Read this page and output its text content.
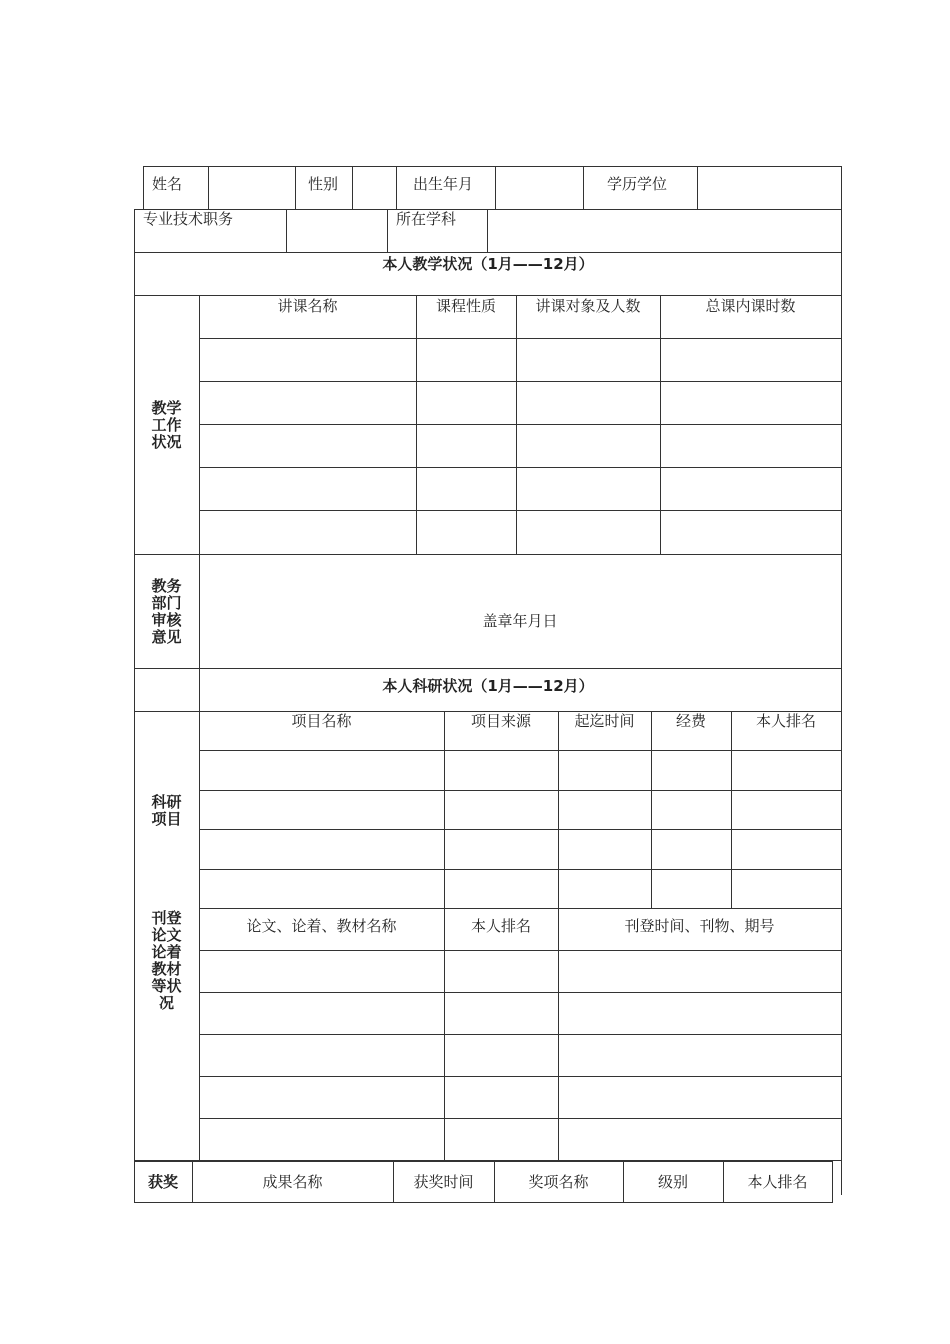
姓名	性别	出生年月	学历学位
专业技术职务	所在学科
本人教学状况（1月——12月）
讲课名称	课程性质	讲课对象及人数	总课内课时数
教学
工作
状况
教务
部门
审核
意见
盖章年月日
本人科研状况（1月——12月）
项目名称	项目来源	起迄时间	经费	本人排名
科研
项目
刊登
论文
论着
教材
等状
况
论文、论着、教材名称	本人排名	刊登时间、刊物、期号
获奖	成果名称	获奖时间	奖项名称	级别	本人排名
